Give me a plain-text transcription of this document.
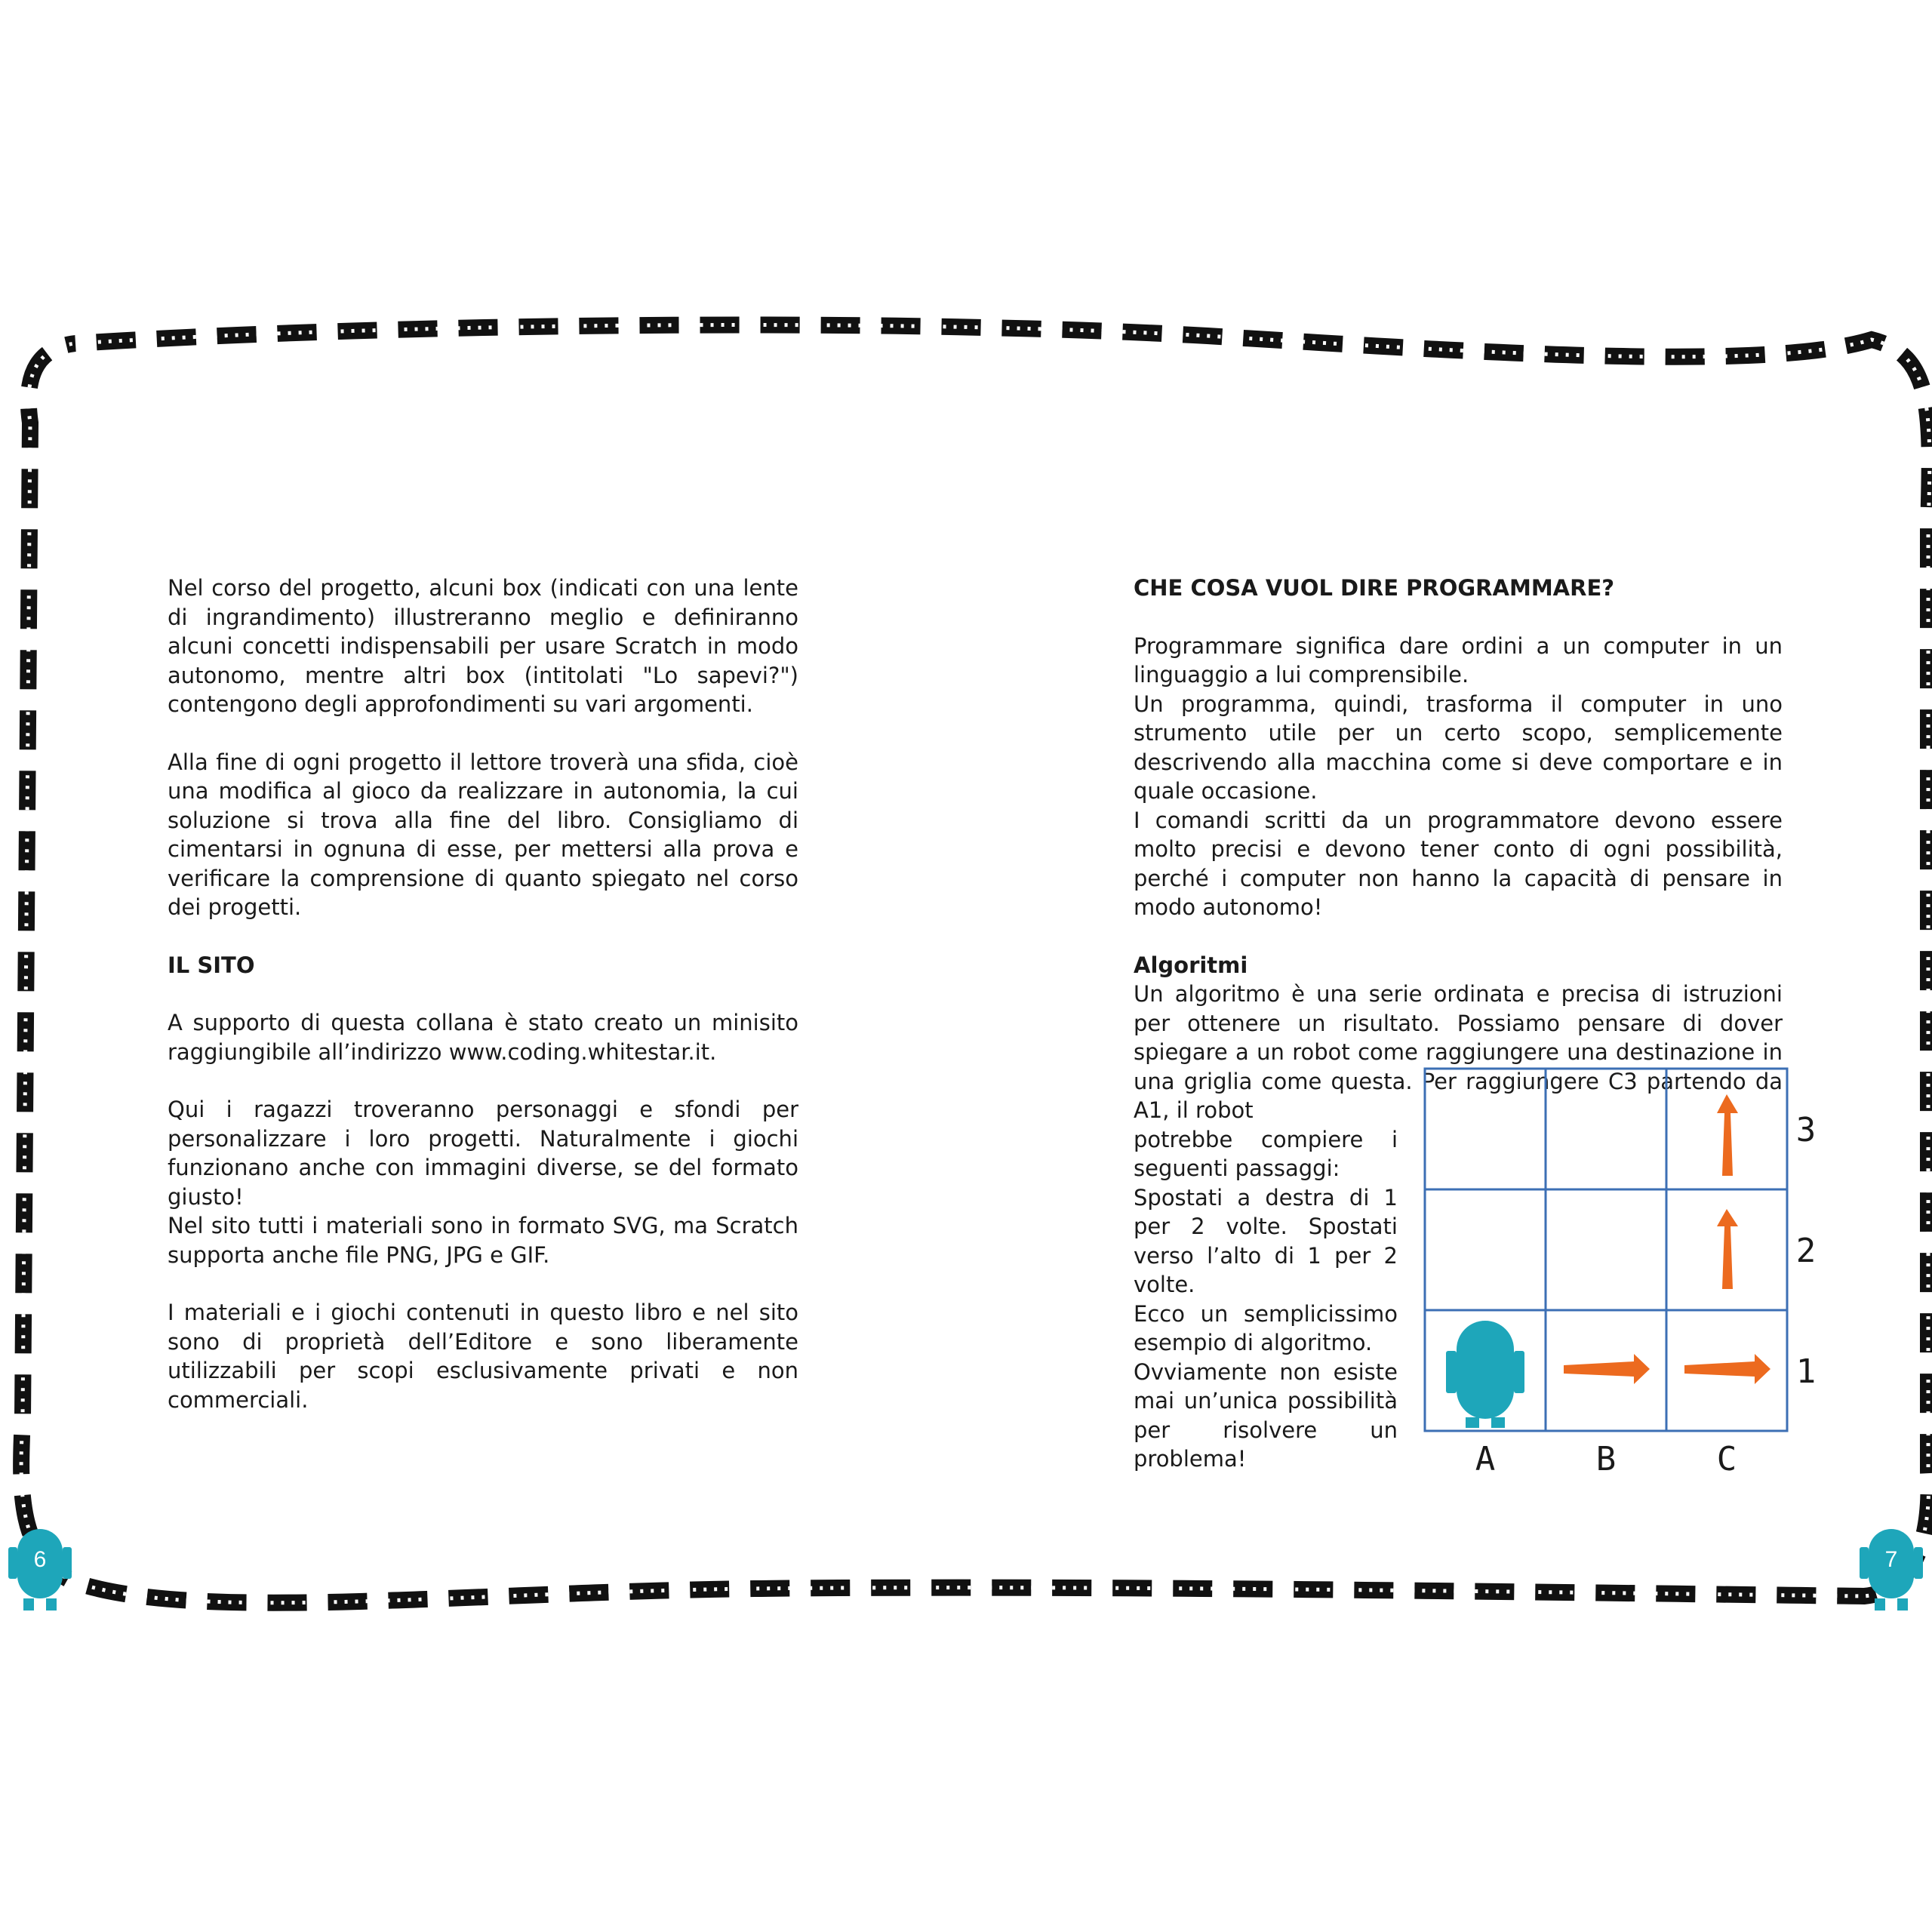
6	7

Nel corso del progetto, alcuni box (indicati con una lente di ingrandimento) illustreranno meglio e definiranno alcuni concetti indispensabili per usare Scratch in modo autonomo, mentre altri box (intitolati "Lo sapevi?") contengono degli approfondimenti su vari argomenti.

Alla fine di ogni progetto il lettore troverà una sfida, cioè una modifica al gioco da realizzare in autonomia, la cui soluzione si trova alla fine del libro. Consigliamo di cimentarsi in ognuna di esse, per mettersi alla prova e verificare la comprensione di quanto spiegato nel corso dei progetti.

IL SITO

A supporto di questa collana è stato creato un minisito raggiungibile all’indirizzo www.coding.whitestar.it.

Qui i ragazzi troveranno personaggi e sfondi per personalizzare i loro progetti. Naturalmente i giochi funzionano anche con immagini diverse, se del formato giusto!

Nel sito tutti i materiali sono in formato SVG, ma Scratch supporta anche file PNG, JPG e GIF.

I materiali e i giochi contenuti in questo libro e nel sito sono di proprietà dell’Editore e sono liberamente utilizzabili per scopi esclusivamente privati e non commerciali.

CHE COSA VUOL DIRE PROGRAMMARE?

Programmare significa dare ordini a un computer in un linguaggio a lui comprensibile.

Un programma, quindi, trasforma il computer in uno strumento utile per un certo scopo, semplicemente descrivendo alla macchina come si deve comportare e in quale occasione.

I comandi scritti da un programmatore devono essere molto precisi e devono tener conto di ogni possibilità, perché i computer non hanno la capacità di pensare in modo autonomo!

Algoritmi

Un algoritmo è una serie ordinata e precisa di istruzioni per ottenere un risultato. Possiamo pensare di dover spiegare a un robot come raggiungere una destinazione in una griglia come questa. Per raggiungere C3 partendo da A1, il robot

potrebbe compiere i seguenti passaggi:

Spostati a destra di 1 per 2 volte. Spostati verso l’alto di 1 per 2 volte.

Ecco un semplicissimo esempio di algoritmo.

Ovviamente non esiste mai un’unica possibilità per risolvere un problema!	A	B	C
3
2
1
